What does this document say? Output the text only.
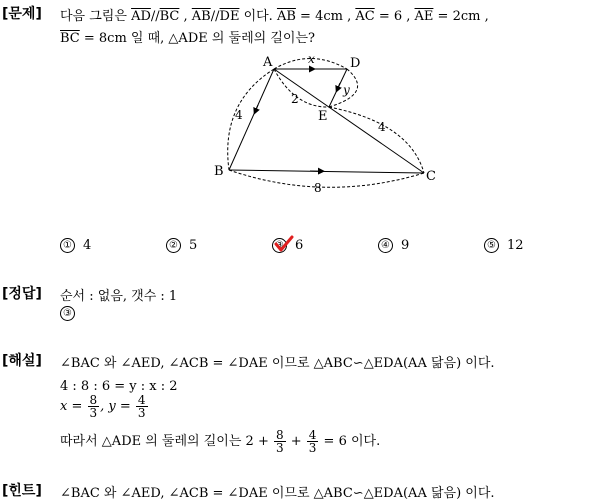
[문제] 다음 그림은 $\overline{AD}//\overline{BC}$ , $\overline{AB}//\overline{DE}$ 이다. $\overline{AB} = 4cm$ , $\overline{AC} = 6$ , $\overline{AE} = 2cm$ ,
$\overline{BC} = 8cm$ 일 때, △ADE 의 둘레의 길이는?
A
B	C
D
E
x
y
2
4
4
8
① 4	② 5	③ 6	④ 9	⑤ 12
[정답] 순서 : 없음, 갯수 : 1
③
[해설] ∠BAC 와 ∠AED, ∠ACB = ∠DAE 이므로 △ABC∽△EDA(AA 닮음) 이다.
4 : 8 : 6 = y : x : 2
$x = \frac{8}{3}$ , $y = \frac{4}{3}$
따라서 △ADE 의 둘레의 길이는 $2 + \frac{8}{3} + \frac{4}{3} = 6$ 이다.
[힌트] ∠BAC 와 ∠AED, ∠ACB = ∠DAE 이므로 △ABC∽△EDA(AA 닮음) 이다.
